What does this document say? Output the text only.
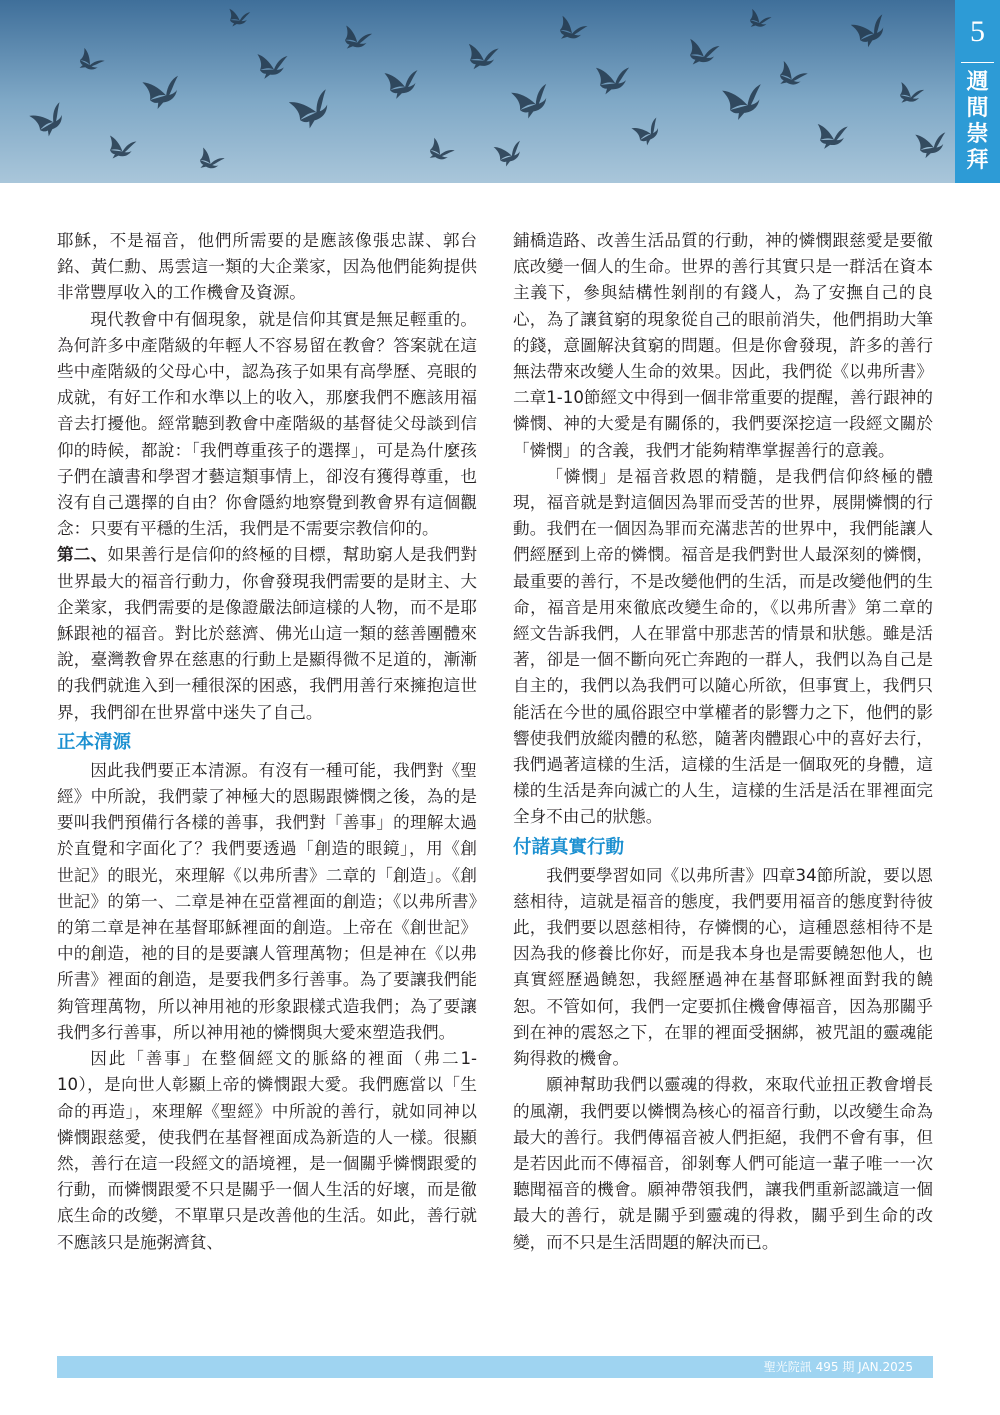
5
週
間
崇
拜

耶穌，不是福音，他們所需要的是應該像張忠謀、郭台銘、黃仁勳、馬雲這一類的大企業家，因為他們能夠提供非常豐厚收入的工作機會及資源。

現代教會中有個現象，就是信仰其實是無足輕重的。為何許多中產階級的年輕人不容易留在教會？答案就在這些中產階級的父母心中，認為孩子如果有高學歷、亮眼的成就，有好工作和水準以上的收入，那麼我們不應該用福音去打擾他。經常聽到教會中產階級的基督徒父母談到信仰的時候，都說：「我們尊重孩子的選擇」，可是為什麼孩子們在讀書和學習才藝這類事情上，卻沒有獲得尊重，也沒有自己選擇的自由？你會隱約地察覺到教會界有這個觀念：只要有平穩的生活，我們是不需要宗教信仰的。

第二、如果善行是信仰的終極的目標，幫助窮人是我們對世界最大的福音行動力，你會發現我們需要的是財主、大企業家，我們需要的是像證嚴法師這樣的人物，而不是耶穌跟祂的福音。對比於慈濟、佛光山這一類的慈善團體來說，臺灣教會界在慈惠的行動上是顯得微不足道的，漸漸的我們就進入到一種很深的困惑，我們用善行來擁抱這世界，我們卻在世界當中迷失了自己。

正本清源

因此我們要正本清源。有沒有一種可能，我們對《聖經》中所說，我們蒙了神極大的恩賜跟憐憫之後，為的是要叫我們預備行各樣的善事，我們對「善事」的理解太過於直覺和字面化了？我們要透過「創造的眼鏡」，用《創世記》的眼光，來理解《以弗所書》二章的「創造」。《創世記》的第一、二章是神在亞當裡面的創造；《以弗所書》的第二章是神在基督耶穌裡面的創造。上帝在《創世記》中的創造，祂的目的是要讓人管理萬物；但是神在《以弗所書》裡面的創造，是要我們多行善事。為了要讓我們能夠管理萬物，所以神用祂的形象跟樣式造我們；為了要讓我們多行善事，所以神用祂的憐憫與大愛來塑造我們。

因此「善事」在整個經文的脈絡的裡面（弗二1-10），是向世人彰顯上帝的憐憫跟大愛。我們應當以「生命的再造」，來理解《聖經》中所說的善行，就如同神以憐憫跟慈愛，使我們在基督裡面成為新造的人一樣。很顯然，善行在這一段經文的語境裡，是一個關乎憐憫跟愛的行動，而憐憫跟愛不只是關乎一個人生活的好壞，而是徹底生命的改變，不單單只是改善他的生活。如此，善行就不應該只是施粥濟貧、

鋪橋造路、改善生活品質的行動，神的憐憫跟慈愛是要徹底改變一個人的生命。世界的善行其實只是一群活在資本主義下，參與結構性剝削的有錢人，為了安撫自己的良心，為了讓貧窮的現象從自己的眼前消失，他們捐助大筆的錢，意圖解決貧窮的問題。但是你會發現，許多的善行無法帶來改變人生命的效果。因此，我們從《以弗所書》二章1-10節經文中得到一個非常重要的提醒，善行跟神的憐憫、神的大愛是有關係的，我們要深挖這一段經文關於「憐憫」的含義，我們才能夠精準掌握善行的意義。

「憐憫」是福音救恩的精髓，是我們信仰終極的體現，福音就是對這個因為罪而受苦的世界，展開憐憫的行動。我們在一個因為罪而充滿悲苦的世界中，我們能讓人們經歷到上帝的憐憫。福音是我們對世人最深刻的憐憫，最重要的善行，不是改變他們的生活，而是改變他們的生命，福音是用來徹底改變生命的，《以弗所書》第二章的經文告訴我們，人在罪當中那悲苦的情景和狀態。雖是活著，卻是一個不斷向死亡奔跑的一群人，我們以為自己是自主的，我們以為我們可以隨心所欲，但事實上，我們只能活在今世的風俗跟空中掌權者的影響力之下，他們的影響使我們放縱肉體的私慾，隨著肉體跟心中的喜好去行，我們過著這樣的生活，這樣的生活是一個取死的身體，這樣的生活是奔向滅亡的人生，這樣的生活是活在罪裡面完全身不由己的狀態。

付諸真實行動

我們要學習如同《以弗所書》四章34節所說，要以恩慈相待，這就是福音的態度，我們要用福音的態度對待彼此，我們要以恩慈相待，存憐憫的心，這種恩慈相待不是因為我的修養比你好，而是我本身也是需要饒恕他人，也真實經歷過饒恕，我經歷過神在基督耶穌裡面對我的饒恕。不管如何，我們一定要抓住機會傳福音，因為那關乎到在神的震怒之下，在罪的裡面受捆綁，被咒詛的靈魂能夠得救的機會。

願神幫助我們以靈魂的得救，來取代並扭正教會增長的風潮，我們要以憐憫為核心的福音行動，以改變生命為最大的善行。我們傳福音被人們拒絕，我們不會有事，但是若因此而不傳福音，卻剝奪人們可能這一輩子唯一一次聽聞福音的機會。願神帶領我們，讓我們重新認識這一個最大的善行，就是關乎到靈魂的得救，關乎到生命的改變，而不只是生活問題的解決而已。

聖光院訊 495 期 JAN.2025
